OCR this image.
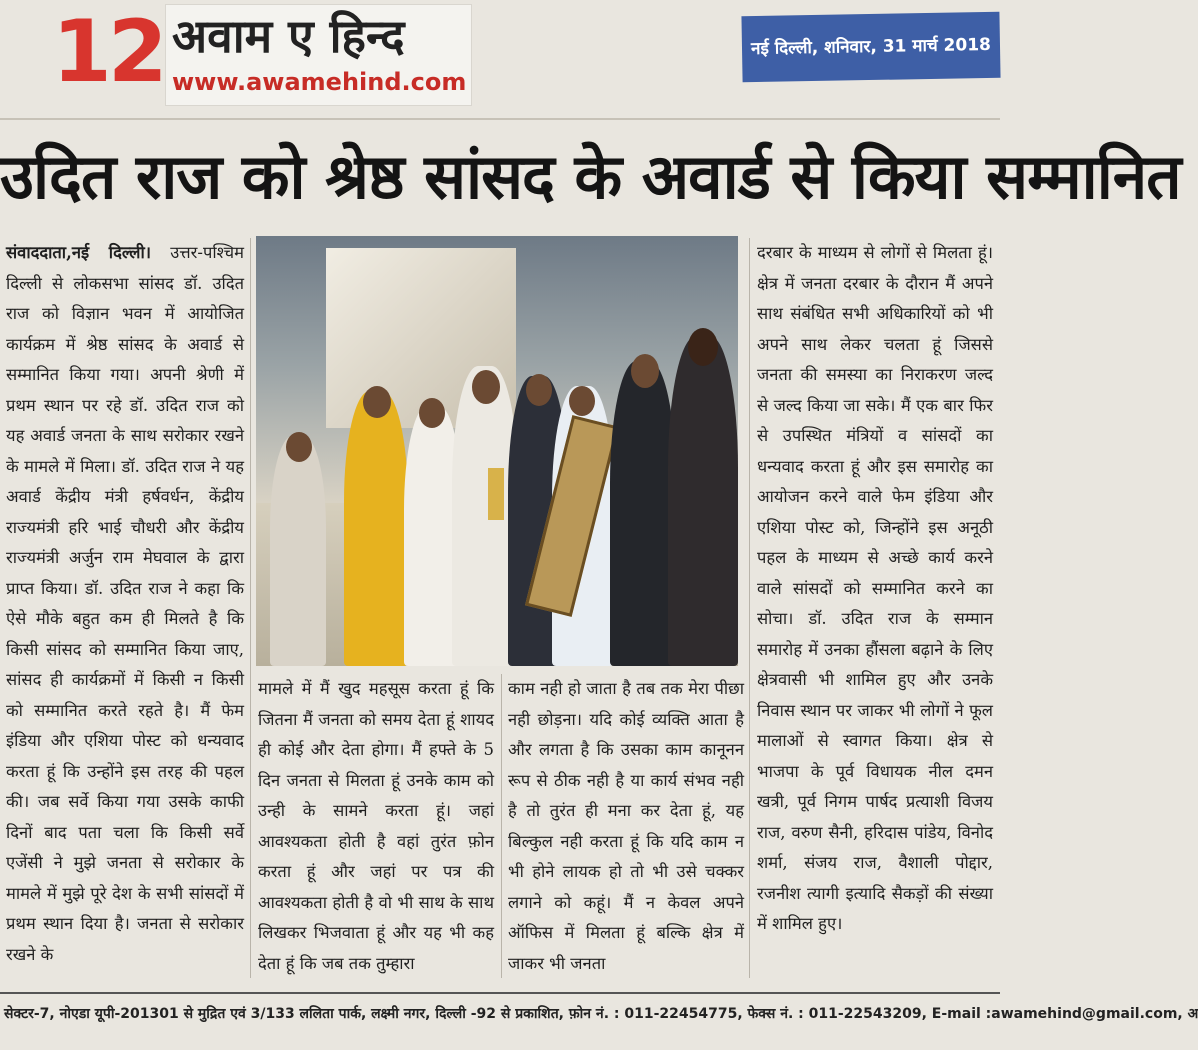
12 अवाम ए हिन्द
www.awamehind.com
नई दिल्ली, शनिवार, 31 मार्च 2018
उदित राज को श्रेष्ठ सांसद के अवार्ड से किया सम्मानित

संवाददाता,नई दिल्ली। उत्तर-पश्चिम दिल्ली से लोकसभा सांसद डॉ. उदित राज को विज्ञान भवन में आयोजित कार्यक्रम में श्रेष्ठ सांसद के अवार्ड से सम्मानित किया गया। अपनी श्रेणी में प्रथम स्थान पर रहे डॉ. उदित राज को यह अवार्ड जनता के साथ सरोकार रखने के मामले में मिला। डॉ. उदित राज ने यह अवार्ड केंद्रीय मंत्री हर्षवर्धन, केंद्रीय राज्यमंत्री हरि भाई चौधरी और केंद्रीय राज्यमंत्री अर्जुन राम मेघवाल के द्वारा प्राप्त किया। डॉ. उदित राज ने कहा कि ऐसे मौके बहुत कम ही मिलते है कि किसी सांसद को सम्मानित किया जाए, सांसद ही कार्यक्रमों में किसी न किसी को सम्मानित करते रहते है। मैं फेम इंडिया और एशिया पोस्ट को धन्यवाद करता हूं कि उन्होंने इस तरह की पहल की। जब सर्वे किया गया उसके काफी दिनों बाद पता चला कि किसी सर्वे एजेंसी ने मुझे जनता से सरोकार के मामले में मुझे पूरे देश के सभी सांसदों में प्रथम स्थान दिया है। जनता से सरोकार रखने के

मामले में मैं खुद महसूस करता हूं कि जितना मैं जनता को समय देता हूं शायद ही कोई और देता होगा। मैं हफ्ते के 5 दिन जनता से मिलता हूं उनके काम को उन्ही के सामने करता हूं। जहां आवश्यकता होती है वहां तुरंत फ़ोन करता हूं और जहां पर पत्र की आवश्यकता होती है वो भी साथ के साथ लिखकर भिजवाता हूं और यह भी कह देता हूं कि जब तक तुम्हारा

काम नही हो जाता है तब तक मेरा पीछा नही छोड़ना। यदि कोई व्यक्ति आता है और लगता है कि उसका काम कानूनन रूप से ठीक नही है या कार्य संभव नही है तो तुरंत ही मना कर देता हूं, यह बिल्कुल नही करता हूं कि यदि काम न भी होने लायक हो तो भी उसे चक्कर लगाने को कहूं। मैं न केवल अपने ऑफिस में मिलता हूं बल्कि क्षेत्र में जाकर भी जनता

दरबार के माध्यम से लोगों से मिलता हूं। क्षेत्र में जनता दरबार के दौरान मैं अपने साथ संबंधित सभी अधिकारियों को भी अपने साथ लेकर चलता हूं जिससे जनता की समस्या का निराकरण जल्द से जल्द किया जा सके। मैं एक बार फिर से उपस्थित मंत्रियों व सांसदों का धन्यवाद करता हूं और इस समारोह का आयोजन करने वाले फेम इंडिया और एशिया पोस्ट को, जिन्होंने इस अनूठी पहल के माध्यम से अच्छे कार्य करने वाले सांसदों को सम्मानित करने का सोचा। डॉ. उदित राज के सम्मान समारोह में उनका हौंसला बढ़ाने के लिए क्षेत्रवासी भी शामिल हुए और उनके निवास स्थान पर जाकर भी लोगों ने फूल मालाओं से स्वागत किया। क्षेत्र से भाजपा के पूर्व विधायक नील दमन खत्री, पूर्व निगम पार्षद प्रत्याशी विजय राज, वरुण सैनी, हरिदास पांडेय, विनोद शर्मा, संजय राज, वैशाली पोद्दार, रजनीश त्यागी इत्यादि सैकड़ों की संख्या में शामिल हुए।

सेक्टर-7, नोएडा यूपी-201301 से मुद्रित एवं 3/133 ललिता पार्क, लक्ष्मी नगर, दिल्ली -92 से प्रकाशित, फ़ोन नं. : 011-22454775, फेक्स नं. : 011-22543209, E-mail :awamehind@gmail.com, अ
